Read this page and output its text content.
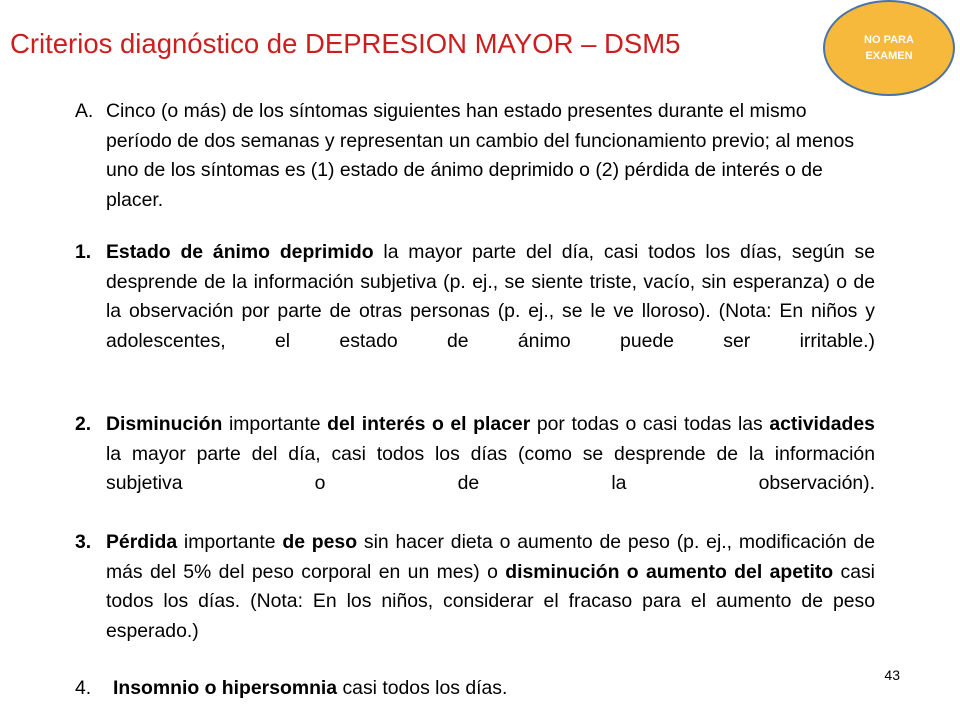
Criterios diagnóstico de DEPRESION MAYOR – DSM5	NO PARA
EXAMEN
A. Cinco (o más) de los síntomas siguientes han estado presentes durante el mismo período de dos semanas y representan un cambio del funcionamiento previo; al menos uno de los síntomas es (1) estado de ánimo deprimido o (2) pérdida de interés o de placer.
1. Estado de ánimo deprimido la mayor parte del día, casi todos los días, según se desprende de la información subjetiva (p. ej., se siente triste, vacío, sin esperanza) o de la observación por parte de otras personas (p. ej., se le ve lloroso). (Nota: En niños y adolescentes, el estado de ánimo puede ser irritable.)
2. Disminución importante del interés o el placer por todas o casi todas las actividades la mayor parte del día, casi todos los días (como se desprende de la información subjetiva o de la observación).
3. Pérdida importante de peso sin hacer dieta o aumento de peso (p. ej., modificación de más del 5% del peso corporal en un mes) o disminución o aumento del apetito casi todos los días. (Nota: En los niños, considerar el fracaso para el aumento de peso esperado.)
4. Insomnio o hipersomnia casi todos los días.
43
